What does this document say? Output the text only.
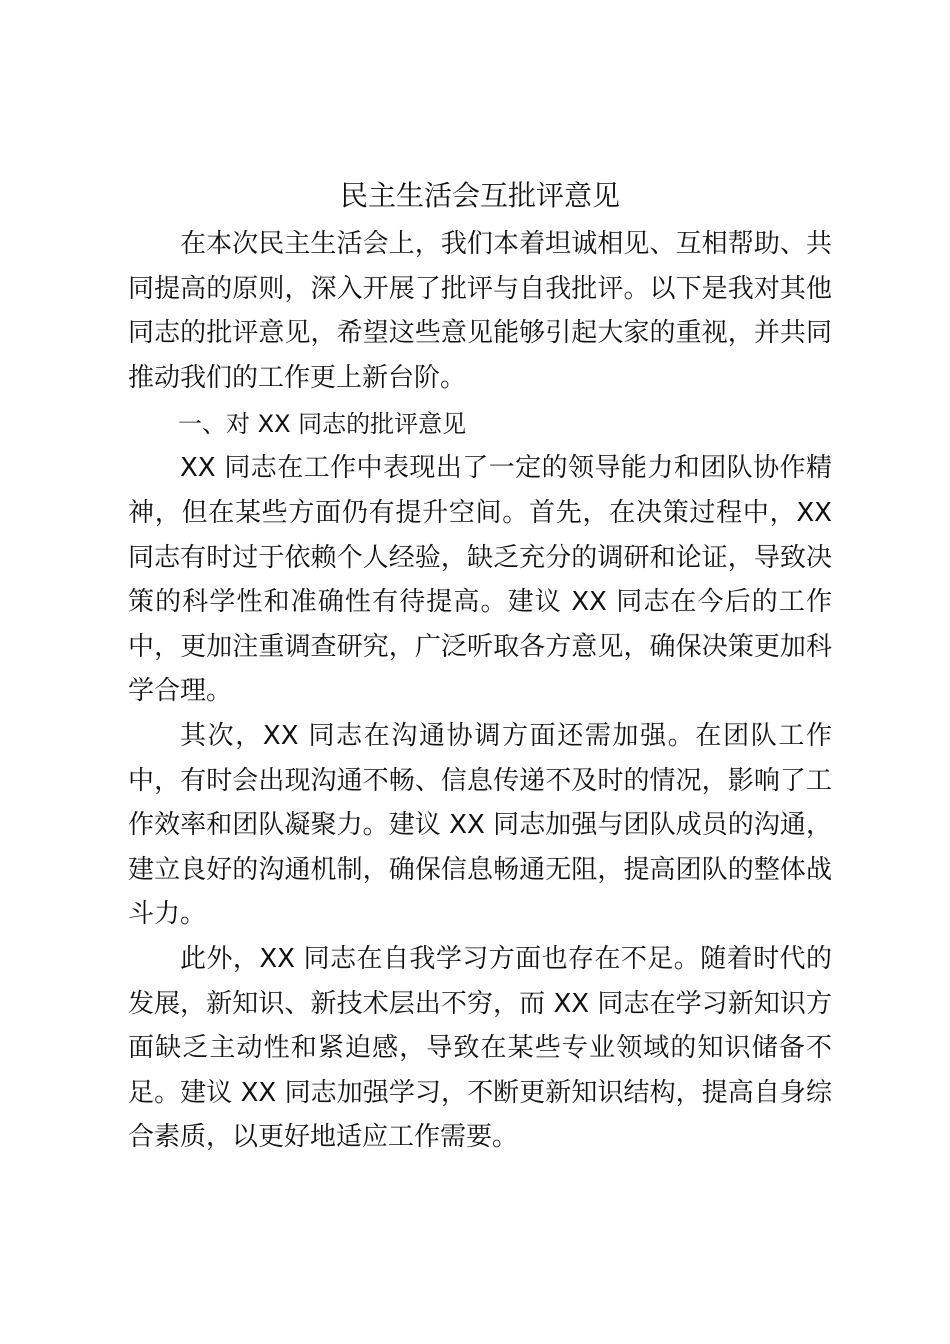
民主生活会互批评意见

在本次民主生活会上，我们本着坦诚相见、互相帮助、共同提高的原则，深入开展了批评与自我批评。以下是我对其他同志的批评意见，希望这些意见能够引起大家的重视，并共同推动我们的工作更上新台阶。

一、对 XX 同志的批评意见

XX 同志在工作中表现出了一定的领导能力和团队协作精神，但在某些方面仍有提升空间。首先，在决策过程中，XX 同志有时过于依赖个人经验，缺乏充分的调研和论证，导致决策的科学性和准确性有待提高。建议 XX 同志在今后的工作中，更加注重调查研究，广泛听取各方意见，确保决策更加科学合理。

其次，XX 同志在沟通协调方面还需加强。在团队工作中，有时会出现沟通不畅、信息传递不及时的情况，影响了工作效率和团队凝聚力。建议 XX 同志加强与团队成员的沟通，建立良好的沟通机制，确保信息畅通无阻，提高团队的整体战斗力。

此外，XX 同志在自我学习方面也存在不足。随着时代的发展，新知识、新技术层出不穷，而 XX 同志在学习新知识方面缺乏主动性和紧迫感，导致在某些专业领域的知识储备不足。建议 XX 同志加强学习，不断更新知识结构，提高自身综合素质，以更好地适应工作需要。
